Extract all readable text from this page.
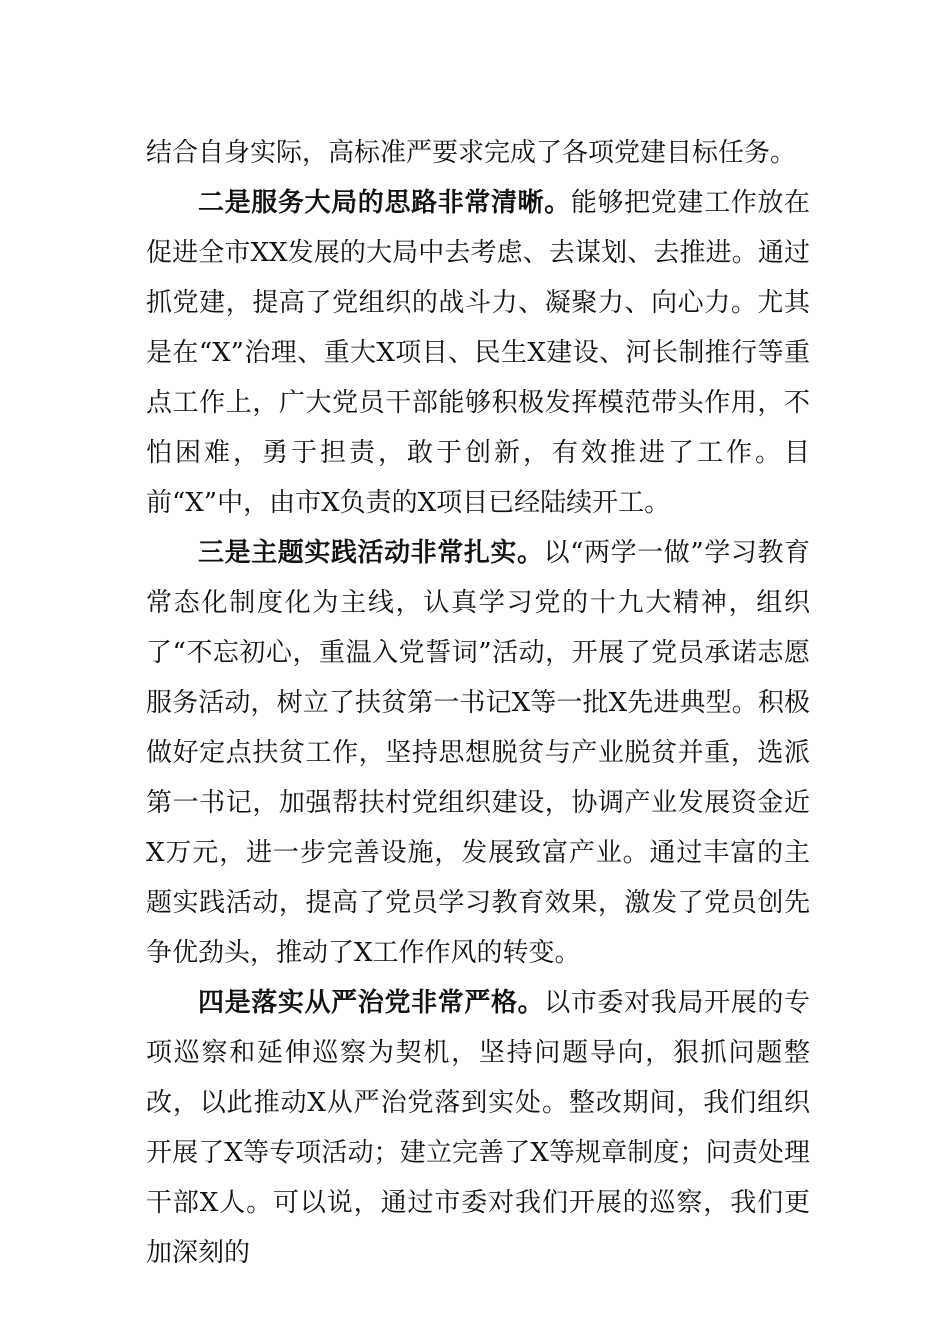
结合自身实际，高标准严要求完成了各项党建目标任务。

二是服务大局的思路非常清晰。能够把党建工作放在促进全市XX发展的大局中去考虑、去谋划、去推进。通过抓党建，提高了党组织的战斗力、凝聚力、向心力。尤其是在“X”治理、重大X项目、民生X建设、河长制推行等重点工作上，广大党员干部能够积极发挥模范带头作用，不怕困难，勇于担责，敢于创新，有效推进了工作。目前“X”中，由市X负责的X项目已经陆续开工。

三是主题实践活动非常扎实。以“两学一做”学习教育常态化制度化为主线，认真学习党的十九大精神，组织了“不忘初心，重温入党誓词”活动，开展了党员承诺志愿服务活动，树立了扶贫第一书记X等一批X先进典型。积极做好定点扶贫工作，坚持思想脱贫与产业脱贫并重，选派第一书记，加强帮扶村党组织建设，协调产业发展资金近X万元，进一步完善设施，发展致富产业。通过丰富的主题实践活动，提高了党员学习教育效果，激发了党员创先争优劲头，推动了X工作作风的转变。

四是落实从严治党非常严格。以市委对我局开展的专项巡察和延伸巡察为契机，坚持问题导向，狠抓问题整改，以此推动X从严治党落到实处。整改期间，我们组织开展了X等专项活动；建立完善了X等规章制度；问责处理干部X人。可以说，通过市委对我们开展的巡察，我们更加深刻的
